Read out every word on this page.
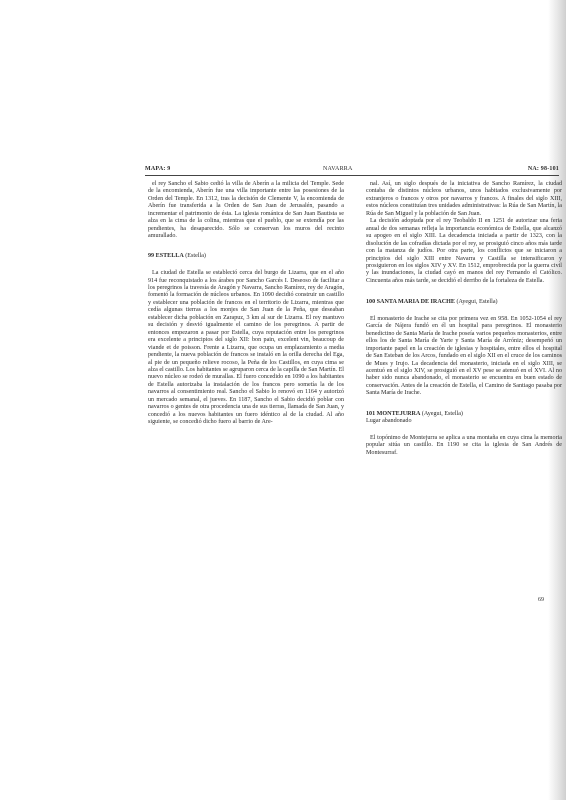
MAPA: 9	NAVARRA	NA: 98-101

el rey Sancho el Sabio cedió la villa de Aberín a la milicia del Temple. Sede de la encomienda, Aberín fue una villa importante entre las posesiones de la Orden del Temple. En 1312, tras la decisión de Clemente V, la encomienda de Aberín fue transferida a la Orden de San Juan de Jerusalén, pasando a incrementar el patrimonio de ésta. La iglesia románica de San Juan Bautista se alza en la cima de la colina, mientras que el pueblo, que se extendía por las pendientes, ha desaparecido. Sólo se conservan los muros del recinto amurallado.

99 ESTELLA (Estella)

La ciudad de Estella se estableció cerca del burgo de Lizarra, que en el año 914 fue reconquistado a los árabes por Sancho Garcés I. Deseoso de facilitar a los peregrinos la travesía de Aragón y Navarra, Sancho Ramírez, rey de Aragón, fomentó la formación de núcleos urbanos. En 1090 decidió construir un castillo y establecer una población de francos en el territorio de Lizarra, mientras que cedía algunas tierras a los monjes de San Juan de la Peña, que deseaban establecer dicha población en Zarapuz, 3 km al sur de Lizarra. El rey mantuvo su decisión y desvió igualmente el camino de los peregrinos. A partir de entonces empezaron a pasar por Estella, cuya reputación entre los peregrinos era excelente a principios del siglo XII: bon pain, excelent vin, beaucoup de viande et de poisson. Frente a Lizarra, que ocupa un emplazamiento a media pendiente, la nueva población de francos se instaló en la orilla derecha del Ega, al pie de un pequeño relieve rocoso, la Peña de los Castillos, en cuya cima se alza el castillo. Los habitantes se agruparon cerca de la capilla de San Martín. El nuevo núcleo se rodeó de murallas. El fuero concedido en 1090 a los habitantes de Estella autorizaba la instalación de los francos pero sometía la de los navarros al consentimiento real. Sancho el Sabio lo renovó en 1164 y autorizó un mercado semanal, el jueves. En 1187, Sancho el Sabio decidió poblar con navarros o gentes de otra procedencia una de sus tierras, llamada de San Juan, y concedió a los nuevos habitantes un fuero idéntico al de la ciudad. Al año siguiente, se concedió dicho fuero al barrio de Are-

nal. Así, un siglo después de la iniciativa de Sancho Ramírez, la ciudad contaba de distintos núcleos urbanos, unos habitados exclusivamente por extranjeros o francos y otros por navarros y francos. A finales del siglo XIII, estos núcleos constituían tres unidades administrativas: la Rúa de San Martín, la Rúa de San Miguel y la población de San Juan.

La decisión adoptada por el rey Teobaldo II en 1251 de autorizar una feria anual de dos semanas refleja la importancia económica de Estella, que alcanzó su apogeo en el siglo XIII. La decadencia iniciada a partir de 1323, con la disolución de las cofradías dictada por el rey, se prosiguió cinco años más tarde con la matanza de judíos. Por otra parte, los conflictos que se iniciaron a principios del siglo XIII entre Navarra y Castilla se intensificaron y prosiguieron en los siglos XIV y XV. En 1512, emprobrecida por la guerra civil y las inundaciones, la ciudad cayó en manos del rey Fernando el Católico. Cincuenta años más tarde, se decidió el derribo de la fortaleza de Estella.

100 SANTA MARIA DE IRACHE (Ayegui, Estella)

El monasterio de Irache se cita por primera vez en 958. En 1052-1054 el rey García de Nájera fundó en él un hospital para peregrinos. El monasterio benedictino de Santa María de Irache poseía varios pequeños monasterios, entre ellos los de Santa María de Yarte y Santa María de Arróniz; desempeñó un importante papel en la creación de iglesias y hospitales, entre ellos el hospital de San Esteban de los Arcos, fundado en el siglo XII en el cruce de los caminos de Mues y Irujo. La decadencia del monasterio, iniciada en el siglo XIII, se acentuó en el siglo XIV, se prosiguió en el XV pese se atenuó en el XVI. Al no haber sido nunca abandonado, el monasterio se encuentra en buen estado de conservación. Antes de la creación de Estella, el Camino de Santiago pasaba por Santa María de Irache.

101 MONTEJURRA (Ayegui, Estella)
Lugar abandonado

El topónimo de Montejurra se aplica a una montaña en cuya cima la memoria popular sitúa un castillo. En 1190 se cita la iglesia de San Andrés de Montesurraf.

69
